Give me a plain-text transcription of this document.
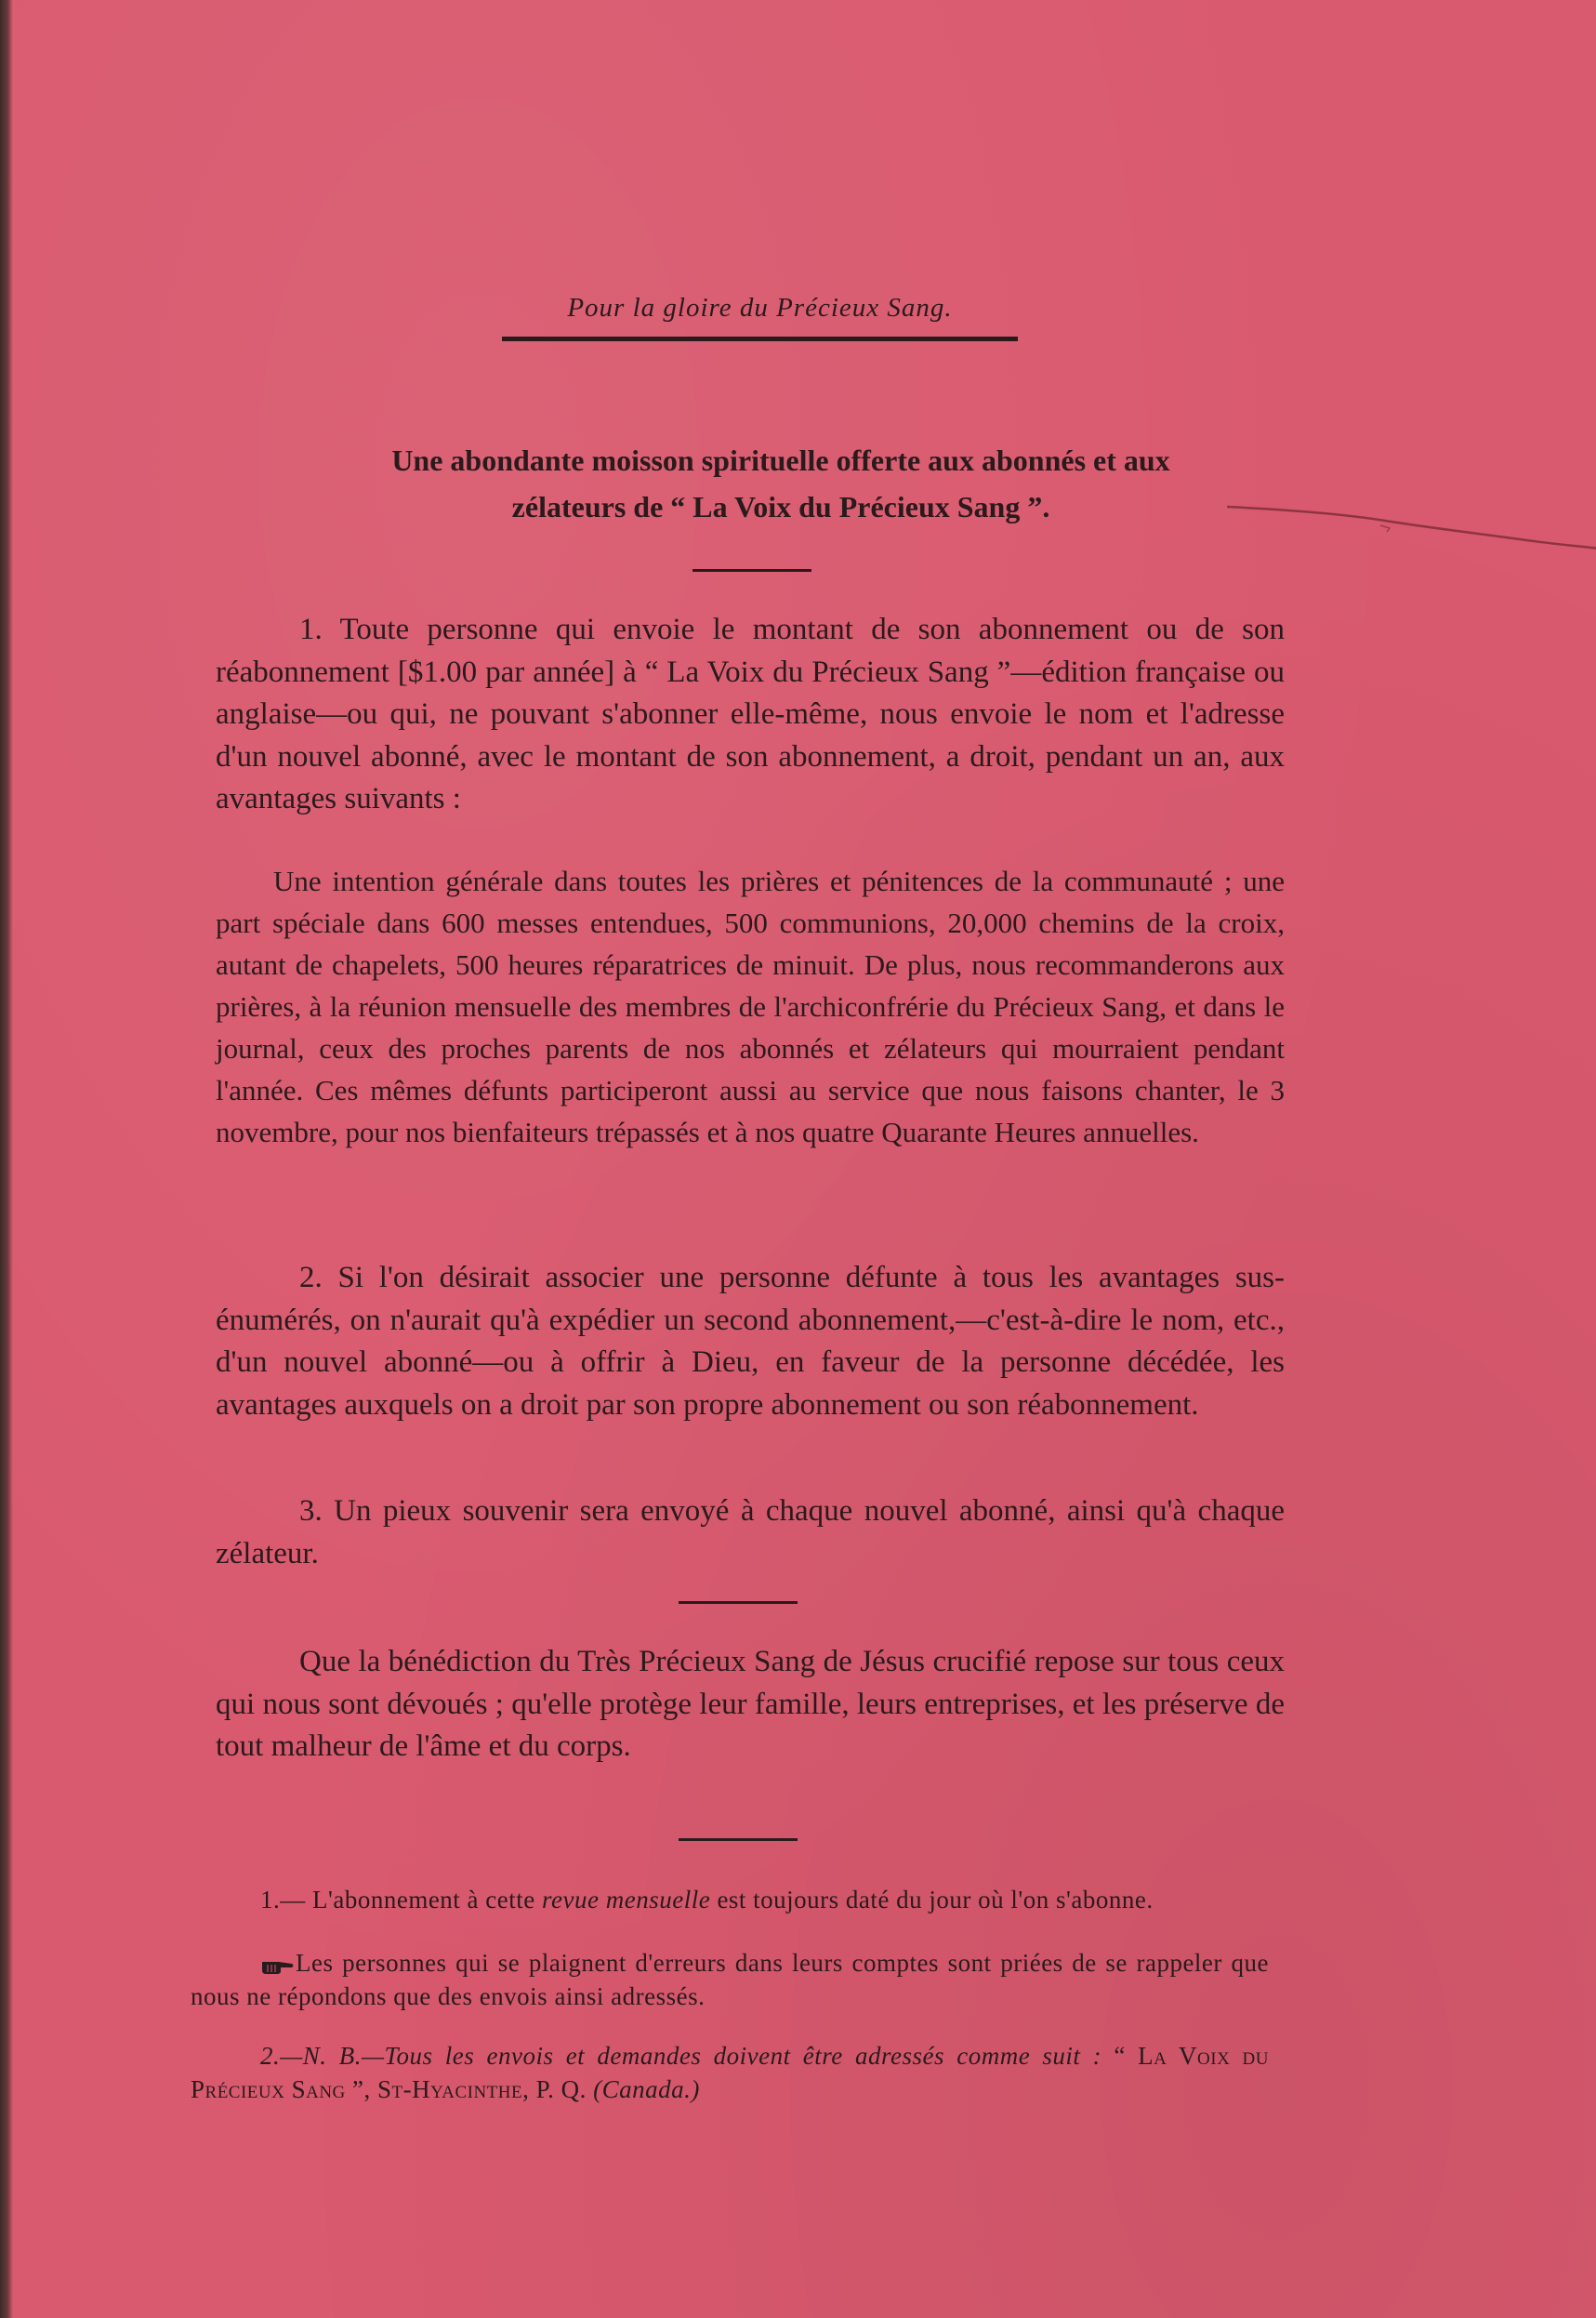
Pour la gloire du Précieux Sang.
Une abondante moisson spirituelle offerte aux abonnés et aux
zélateurs de “ La Voix du Précieux Sang ”.

1. Toute personne qui envoie le montant de son abonnement ou de son réabonnement [$1.00 par année] à “ La Voix du Précieux Sang ”—édition française ou anglaise—ou qui, ne pouvant s'abonner elle-même, nous envoie le nom et l'adresse d'un nouvel abonné, avec le montant de son abonnement, a droit, pendant un an, aux avantages suivants :

Une intention générale dans toutes les prières et pénitences de la communauté ; une part spéciale dans 600 messes entendues, 500 communions, 20,000 chemins de la croix, autant de chapelets, 500 heures réparatrices de minuit. De plus, nous recommanderons aux prières, à la réunion mensuelle des membres de l'archiconfrérie du Précieux Sang, et dans le journal, ceux des proches parents de nos abonnés et zélateurs qui mourraient pendant l'année. Ces mêmes défunts participeront aussi au service que nous faisons chanter, le 3 novembre, pour nos bienfaiteurs trépassés et à nos quatre Quarante Heures annuelles.

2. Si l'on désirait associer une personne défunte à tous les avantages sus-énumérés, on n'aurait qu'à expédier un second abonnement,—c'est-à-dire le nom, etc., d'un nouvel abonné—ou à offrir à Dieu, en faveur de la personne décédée, les avantages auxquels on a droit par son propre abonnement ou son réabonnement.

3. Un pieux souvenir sera envoyé à chaque nouvel abonné, ainsi qu'à chaque zélateur.

Que la bénédiction du Très Précieux Sang de Jésus crucifié repose sur tous ceux qui nous sont dévoués ; qu'elle protège leur famille, leurs entreprises, et les préserve de tout malheur de l'âme et du corps.

1.— L'abonnement à cette revue mensuelle est toujours daté du jour où l'on s'abonne.

Les personnes qui se plaignent d'erreurs dans leurs comptes sont priées de se rappeler que nous ne répondons que des envois ainsi adressés.

2.—N. B.—Tous les envois et demandes doivent être adressés comme suit : “ La Voix du Précieux Sang ”, St-Hyacinthe, P. Q. (Canada.)
